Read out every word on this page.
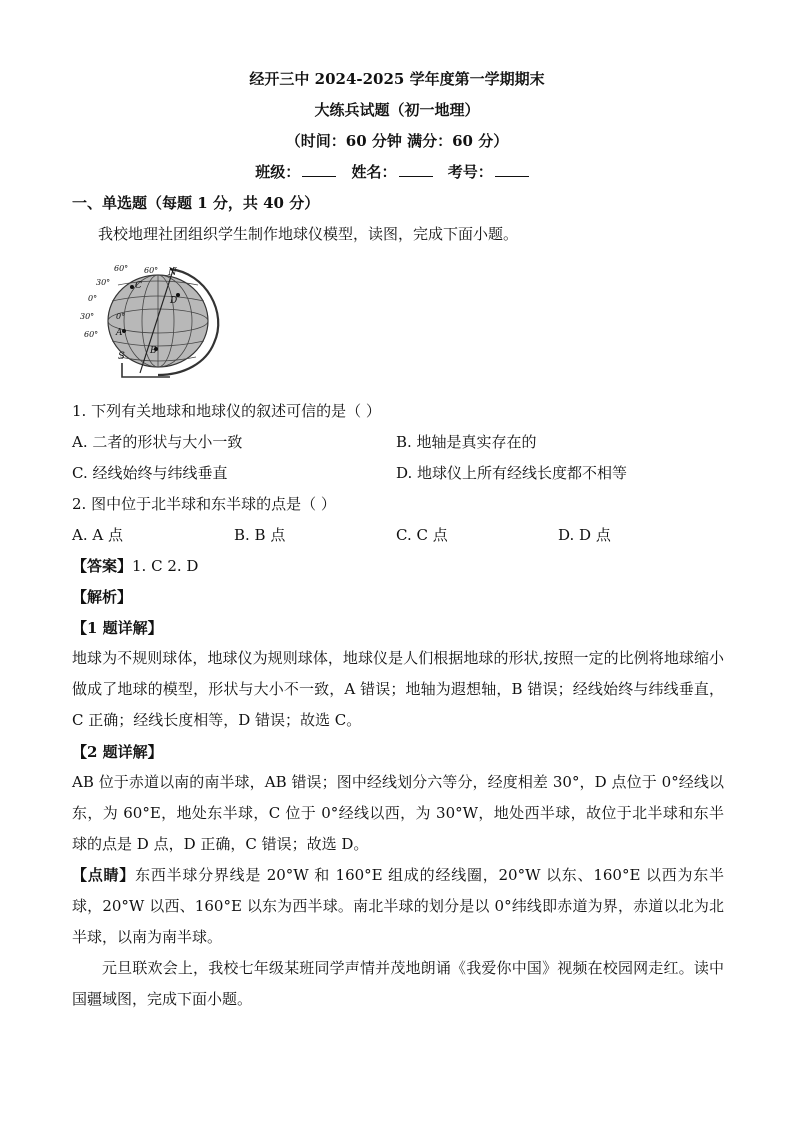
经开三中 2024-2025 学年度第一学期期末
大练兵试题（初一地理）
（时间：60 分钟 满分：60 分）
班级：	姓名：	考号：
一、单选题（每题 1 分，共 40 分）
我校地理社团组织学生制作地球仪模型，读图，完成下面小题。
C
D
A
B
N
S
60°
0°
30°
0°
30°
60°
60°
1. 下列有关地球和地球仪的叙述可信的是（ ）
A. 二者的形状与大小一致	B. 地轴是真实存在的
C. 经线始终与纬线垂直	D. 地球仪上所有经线长度都不相等
2. 图中位于北半球和东半球的点是（ ）
A. A 点	B. B 点	C. C 点	D. D 点
【答案】1. C 2. D
【解析】
【1 题详解】
地球为不规则球体，地球仪为规则球体，地球仪是人们根据地球的形状,按照一定的比例将地球缩小做成了地球的模型，形状与大小不一致，A 错误；地轴为遐想轴，B 错误；经线始终与纬线垂直，C 正确；经线长度相等，D 错误；故选 C。
【2 题详解】
AB 位于赤道以南的南半球，AB 错误；图中经线划分六等分，经度相差 30°，D 点位于 0°经线以东，为 60°E，地处东半球，C 位于 0°经线以西，为 30°W，地处西半球，故位于北半球和东半球的点是 D 点，D 正确，C 错误；故选 D。
【点睛】东西半球分界线是 20°W 和 160°E 组成的经线圈，20°W 以东、160°E 以西为东半球，20°W 以西、160°E 以东为西半球。南北半球的划分是以 0°纬线即赤道为界，赤道以北为北半球，以南为南半球。
元旦联欢会上，我校七年级某班同学声情并茂地朗诵《我爱你中国》视频在校园网走红。读中国疆域图，完成下面小题。
